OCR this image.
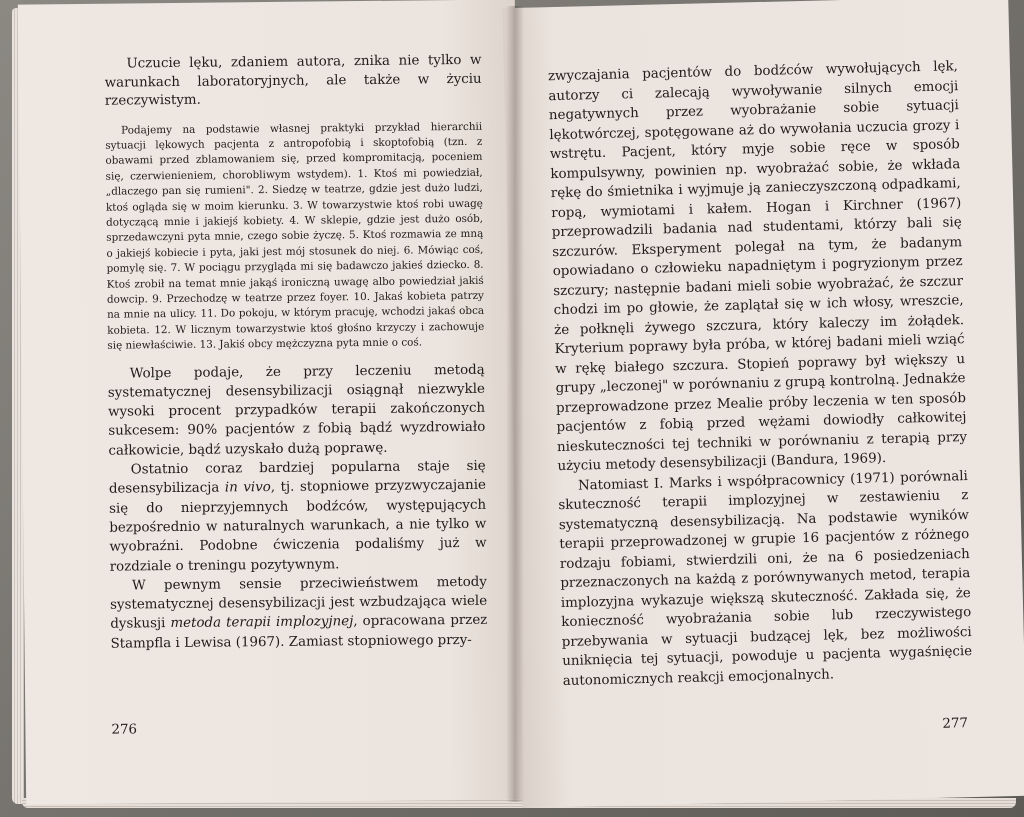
Uczucie lęku, zdaniem autora, znika nie tylko w warunkach laboratoryjnych, ale także w życiu rzeczywistym.

Podajemy na podstawie własnej praktyki przykład hierarchii sytuacji lękowych pacjenta z antropofobią i skoptofobią (tzn. z obawami przed zblamowaniem się, przed kompromitacją, poceniem się, czerwienieniem, chorobliwym wstydem). 1. Ktoś mi powiedział, „dlaczego pan się rumieni". 2. Siedzę w teatrze, gdzie jest dużo ludzi, ktoś ogląda się w moim kierunku. 3. W towarzystwie ktoś robi uwagę dotyczącą mnie i jakiejś kobiety. 4. W sklepie, gdzie jest dużo osób, sprzedawczyni pyta mnie, czego sobie życzę. 5. Ktoś rozmawia ze mną o jakiejś kobiecie i pyta, jaki jest mój stosunek do niej. 6. Mówiąc coś, pomylę się. 7. W pociągu przygląda mi się badawczo jakieś dziecko. 8. Ktoś zrobił na temat mnie jakąś ironiczną uwagę albo powiedział jakiś dowcip. 9. Przechodzę w teatrze przez foyer. 10. Jakaś kobieta patrzy na mnie na ulicy. 11. Do pokoju, w którym pracuję, wchodzi jakaś obca kobieta. 12. W licznym towarzystwie ktoś głośno krzyczy i zachowuje się niewłaściwie. 13. Jakiś obcy mężczyzna pyta mnie o coś.

Wolpe podaje, że przy leczeniu metodą systematycznej desensybilizacji osiągnął niezwykle wysoki procent przypadków terapii zakończonych sukcesem: 90% pacjentów z fobią bądź wyzdrowiało całkowicie, bądź uzyskało dużą poprawę.

Ostatnio coraz bardziej popularna staje się desensybilizacja in vivo, tj. stopniowe przyzwyczajanie się do nieprzyjemnych bodźców, występujących bezpośrednio w naturalnych warunkach, a nie tylko w wyobraźni. Podobne ćwiczenia podaliśmy już w rozdziale o treningu pozytywnym.

W pewnym sensie przeciwieństwem metody systematycznej desensybilizacji jest wzbudzająca wiele dyskusji metoda terapii implozyjnej, opracowana przez Stampfla i Lewisa (1967). Zamiast stopniowego przy-

276

zwyczajania pacjentów do bodźców wywołujących lęk, autorzy ci zalecają wywoływanie silnych emocji negatywnych przez wyobrażanie sobie sytuacji lękotwórczej, spotęgowane aż do wywołania uczucia grozy i wstrętu. Pacjent, który myje sobie ręce w sposób kompulsywny, powinien np. wyobrażać sobie, że wkłada rękę do śmietnika i wyjmuje ją zanieczyszczoną odpadkami, ropą, wymiotami i kałem. Hogan i Kirchner (1967) przeprowadzili badania nad studentami, którzy bali się szczurów. Eksperyment polegał na tym, że badanym opowiadano o człowieku napadniętym i pogryzionym przez szczury; następnie badani mieli sobie wyobrażać, że szczur chodzi im po głowie, że zaplątał się w ich włosy, wreszcie, że połknęli żywego szczura, który kaleczy im żołądek. Kryterium poprawy była próba, w której badani mieli wziąć w rękę białego szczura. Stopień poprawy był większy u grupy „leczonej" w porównaniu z grupą kontrolną. Jednakże przeprowadzone przez Mealie próby leczenia w ten sposób pacjentów z fobią przed wężami dowiodły całkowitej nieskuteczności tej techniki w porównaniu z terapią przy użyciu metody desensybilizacji (Bandura, 1969).

Natomiast I. Marks i współpracownicy (1971) porównali skuteczność terapii implozyjnej w zestawieniu z systematyczną desensybilizacją. Na podstawie wyników terapii przeprowadzonej w grupie 16 pacjentów z różnego rodzaju fobiami, stwierdzili oni, że na 6 posiedzeniach przeznaczonych na każdą z porównywanych metod, terapia implozyjna wykazuje większą skuteczność. Zakłada się, że konieczność wyobrażania sobie lub rzeczywistego przebywania w sytuacji budzącej lęk, bez możliwości uniknięcia tej sytuacji, powoduje u pacjenta wygaśnięcie autonomicznych reakcji emocjonalnych.

277
